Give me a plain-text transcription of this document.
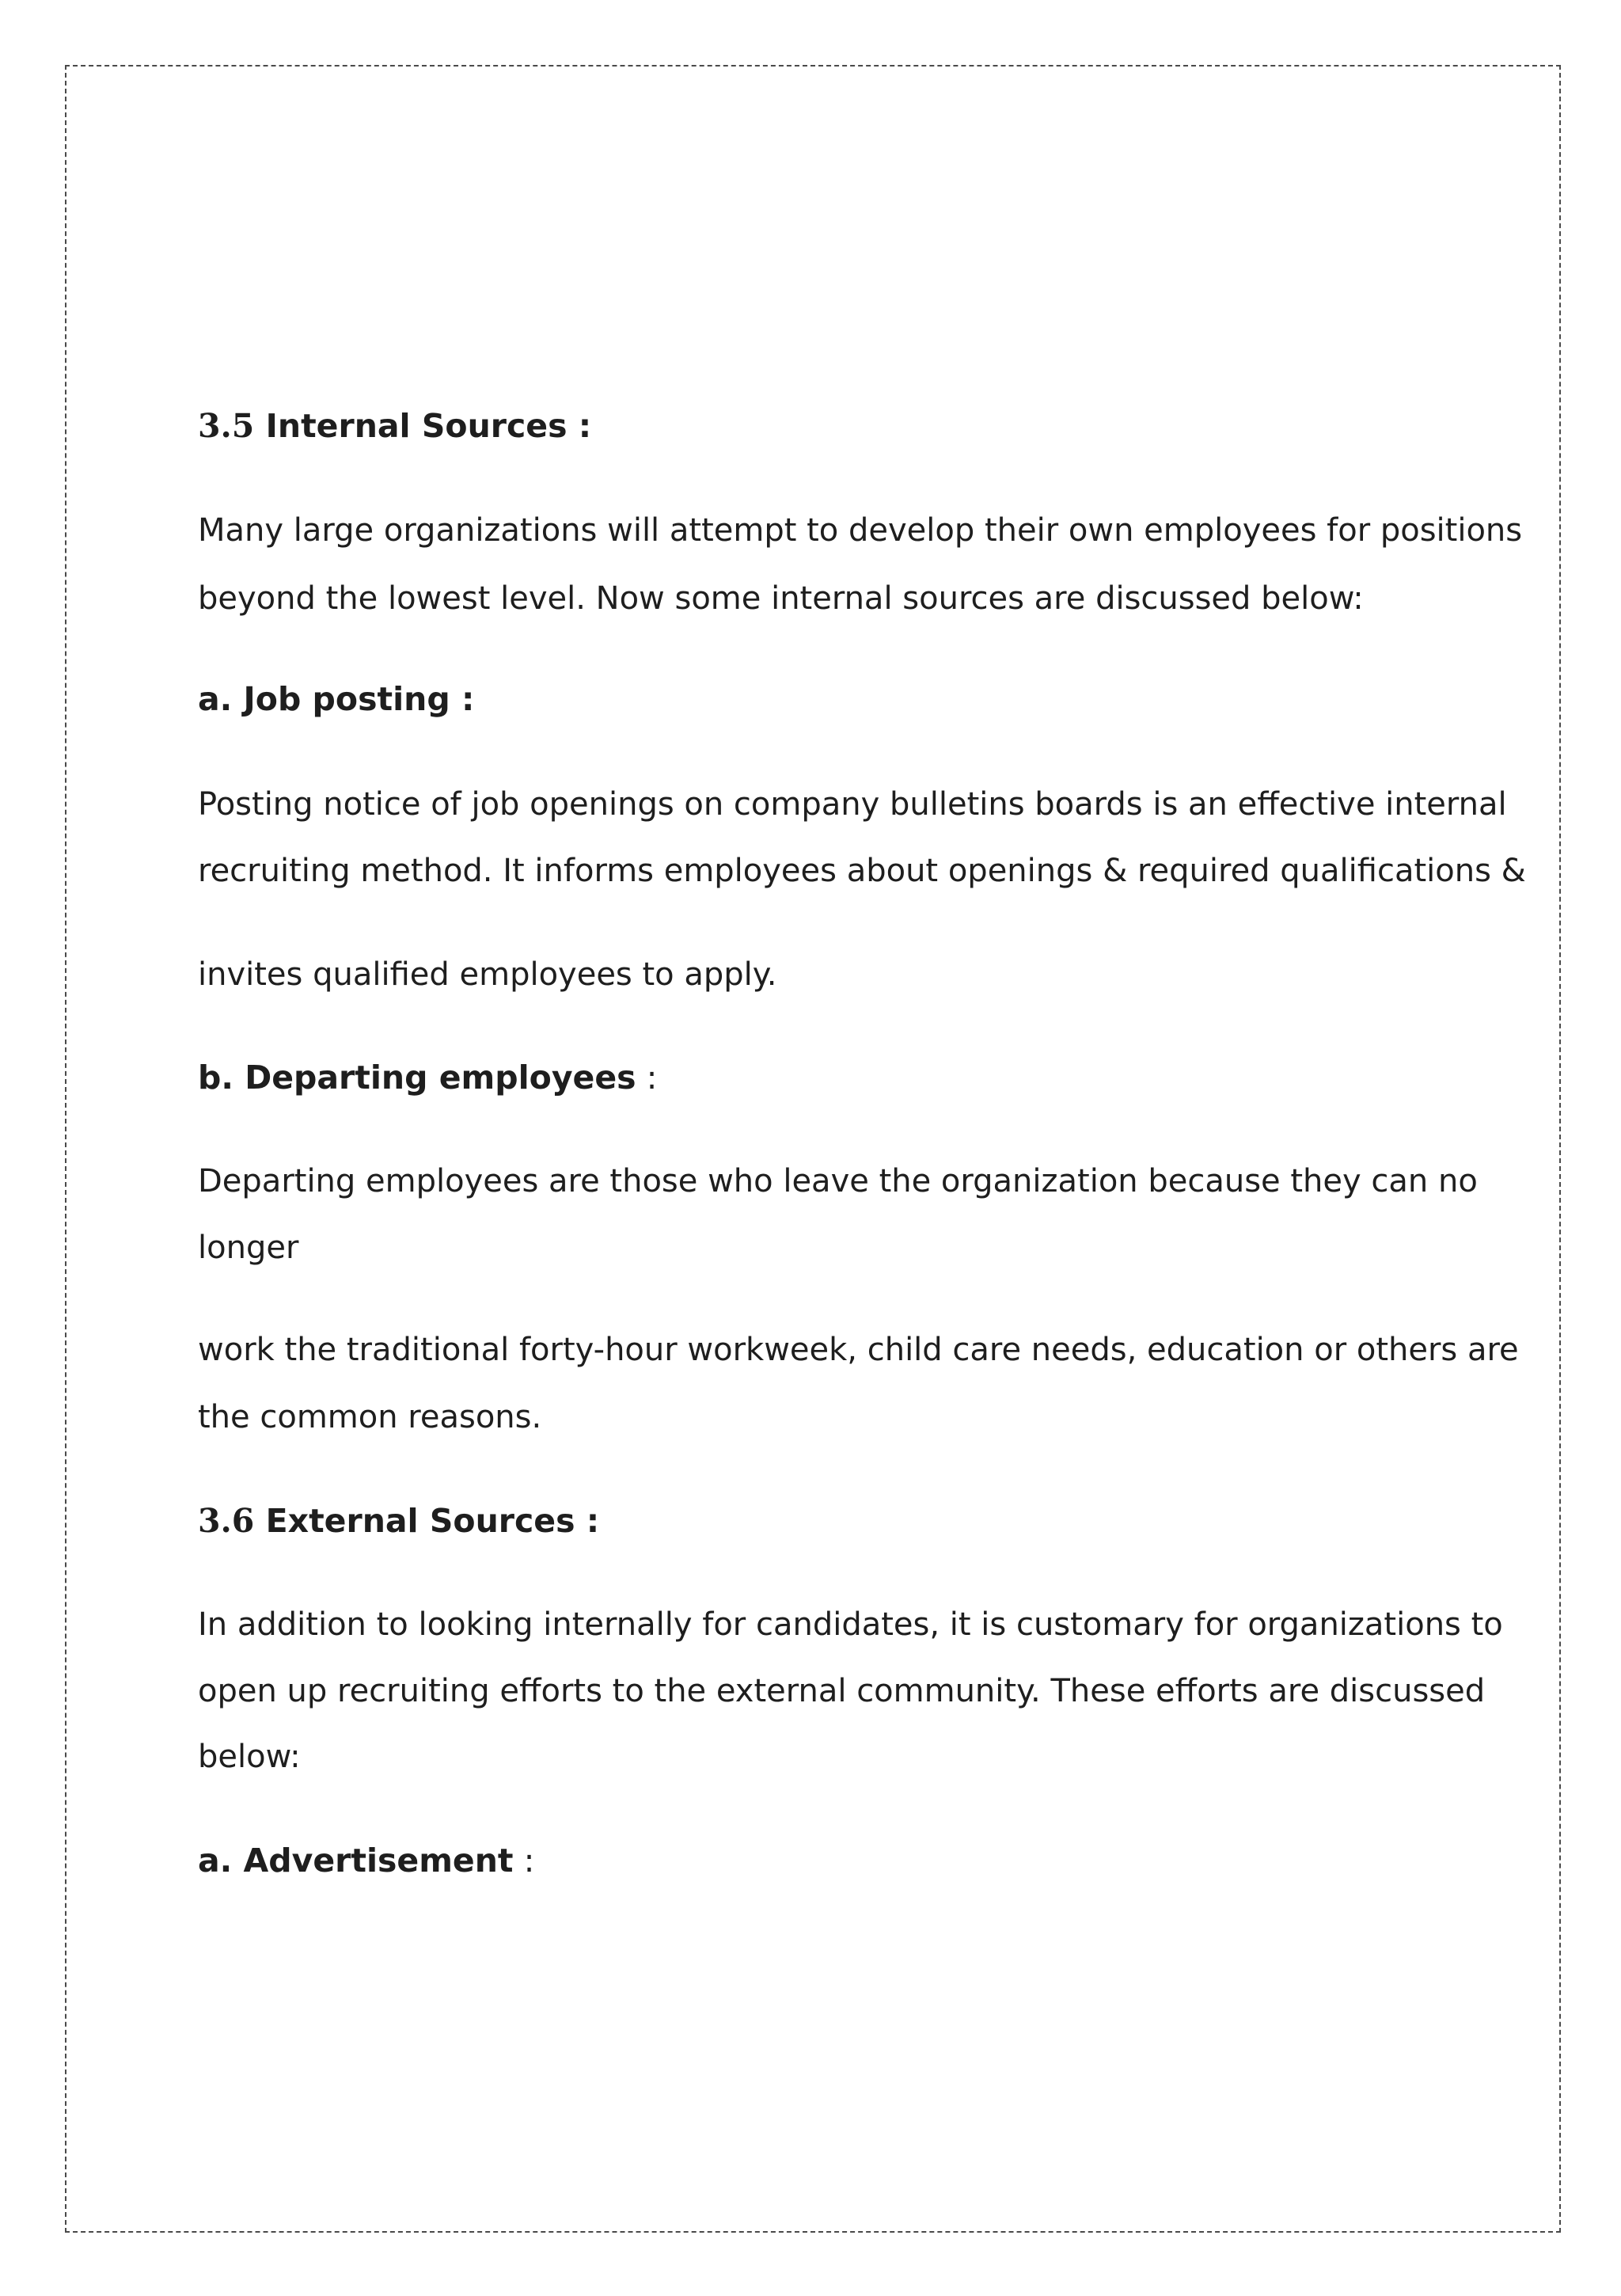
3.5 Internal Sources :

Many large organizations will attempt to develop their own employees for positions

beyond the lowest level. Now some internal sources are discussed below:

a. Job posting :

Posting notice of job openings on company bulletins boards is an effective internal

recruiting method. It informs employees about openings & required qualifications &

invites qualified employees to apply.

b. Departing employees :

Departing employees are those who leave the organization because they can no

longer

work the traditional forty-hour workweek, child care needs, education or others are

the common reasons.

3.6 External Sources :

In addition to looking internally for candidates, it is customary for organizations to

open up recruiting efforts to the external community. These efforts are discussed

below:

a. Advertisement :
